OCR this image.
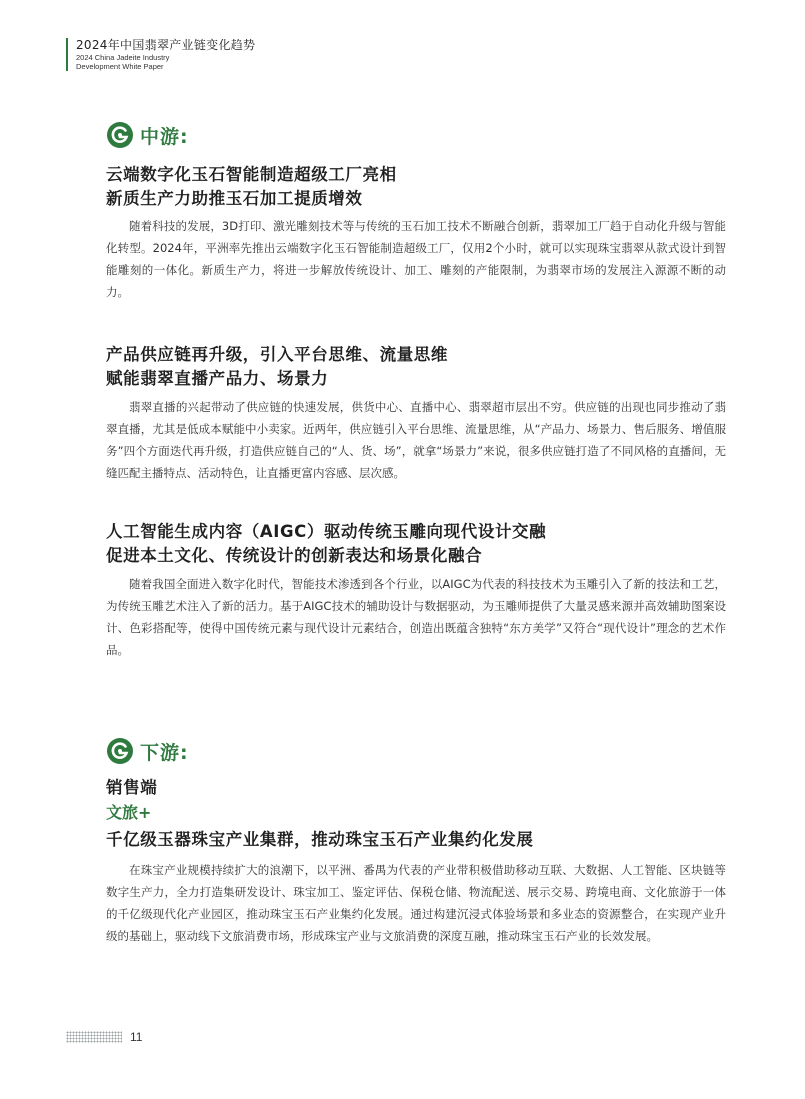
2024年中国翡翠产业链变化趋势
2024 China Jadeite Industry
Development White Paper
中游:
云端数字化玉石智能制造超级工厂亮相
新质生产力助推玉石加工提质增效

随着科技的发展，3D打印、激光雕刻技术等与传统的玉石加工技术不断融合创新，翡翠加工厂趋于自动化升级与智能化转型。2024年，平洲率先推出云端数字化玉石智能制造超级工厂，仅用2个小时，就可以实现珠宝翡翠从款式设计到智能雕刻的一体化。新质生产力，将进一步解放传统设计、加工、雕刻的产能限制，为翡翠市场的发展注入源源不断的动力。

产品供应链再升级，引入平台思维、流量思维
赋能翡翠直播产品力、场景力

翡翠直播的兴起带动了供应链的快速发展，供货中心、直播中心、翡翠超市层出不穷。供应链的出现也同步推动了翡翠直播，尤其是低成本赋能中小卖家。近两年，供应链引入平台思维、流量思维，从“产品力、场景力、售后服务、增值服务”四个方面迭代再升级，打造供应链自己的“人、货、场”，就拿“场景力”来说，很多供应链打造了不同风格的直播间，无缝匹配主播特点、活动特色，让直播更富内容感、层次感。

人工智能生成内容（AIGC）驱动传统玉雕向现代设计交融
促进本土文化、传统设计的创新表达和场景化融合

随着我国全面进入数字化时代，智能技术渗透到各个行业，以AIGC为代表的科技技术为玉雕引入了新的技法和工艺，为传统玉雕艺术注入了新的活力。基于AIGC技术的辅助设计与数据驱动，为玉雕师提供了大量灵感来源并高效辅助图案设计、色彩搭配等，使得中国传统元素与现代设计元素结合，创造出既蕴含独特“东方美学”又符合“现代设计”理念的艺术作品。

下游:
销售端
文旅+
千亿级玉器珠宝产业集群，推动珠宝玉石产业集约化发展

在珠宝产业规模持续扩大的浪潮下，以平洲、番禺为代表的产业带积极借助移动互联、大数据、人工智能、区块链等数字生产力，全力打造集研发设计、珠宝加工、鉴定评估、保税仓储、物流配送、展示交易、跨境电商、文化旅游于一体的千亿级现代化产业园区，推动珠宝玉石产业集约化发展。通过构建沉浸式体验场景和多业态的资源整合，在实现产业升级的基础上，驱动线下文旅消费市场，形成珠宝产业与文旅消费的深度互融，推动珠宝玉石产业的长效发展。

11
